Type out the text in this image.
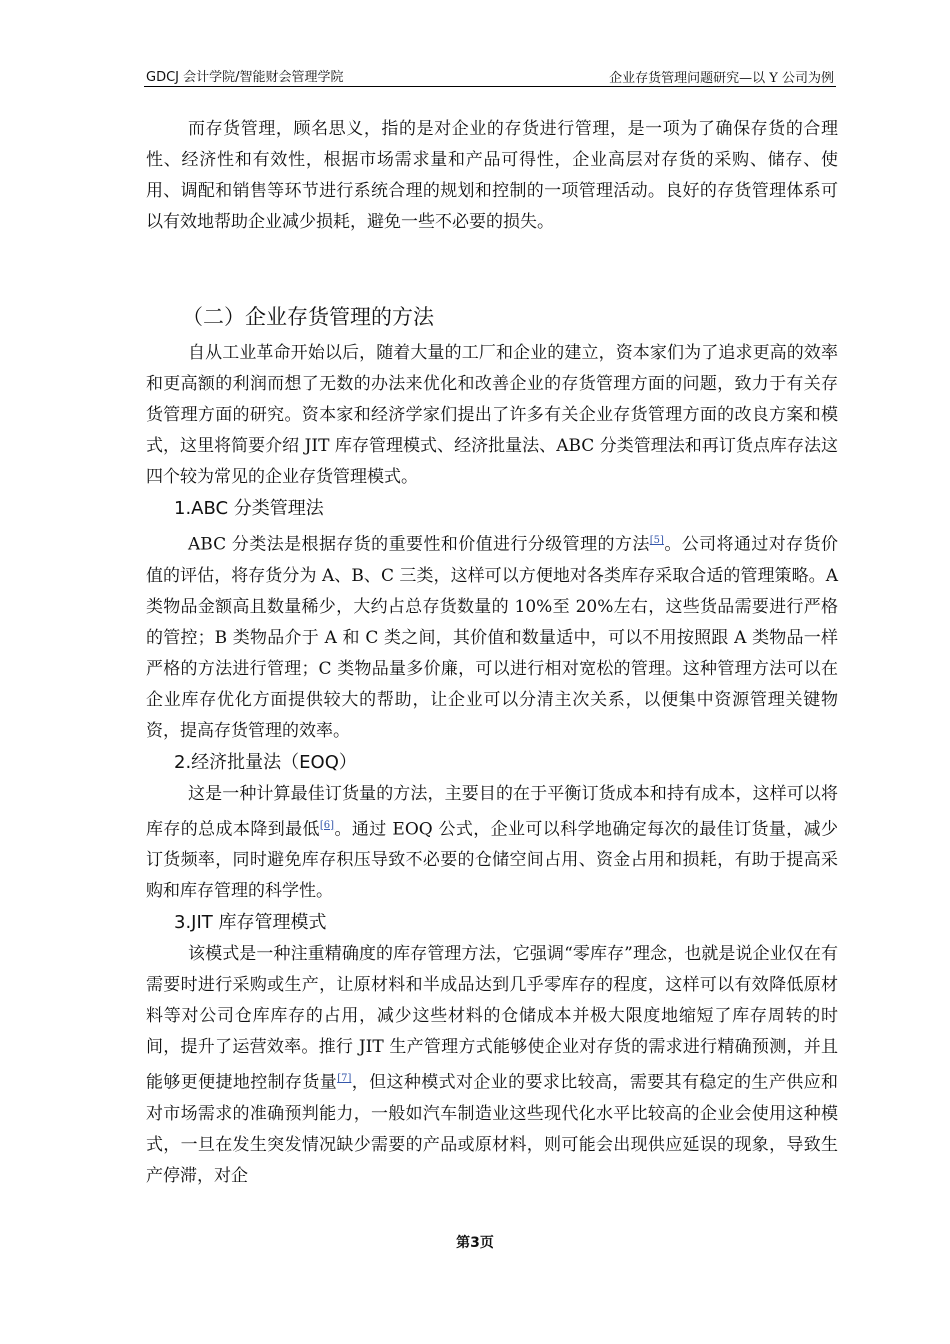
GDCJ 会计学院/智能财会管理学院	企业存货管理问题研究—以 Y 公司为例

而存货管理，顾名思义，指的是对企业的存货进行管理，是一项为了确保存货的合理性、经济性和有效性，根据市场需求量和产品可得性，企业高层对存货的采购、储存、使用、调配和销售等环节进行系统合理的规划和控制的一项管理活动。良好的存货管理体系可以有效地帮助企业减少损耗，避免一些不必要的损失。

（二）企业存货管理的方法

自从工业革命开始以后，随着大量的工厂和企业的建立，资本家们为了追求更高的效率和更高额的利润而想了无数的办法来优化和改善企业的存货管理方面的问题，致力于有关存货管理方面的研究。资本家和经济学家们提出了许多有关企业存货管理方面的改良方案和模式，这里将简要介绍 JIT 库存管理模式、经济批量法、ABC 分类管理法和再订货点库存法这四个较为常见的企业存货管理模式。

1.ABC 分类管理法

ABC 分类法是根据存货的重要性和价值进行分级管理的方法[5]。公司将通过对存货价值的评估，将存货分为 A、B、C 三类，这样可以方便地对各类库存采取合适的管理策略。A 类物品金额高且数量稀少，大约占总存货数量的 10%至 20%左右，这些货品需要进行严格的管控；B 类物品介于 A 和 C 类之间，其价值和数量适中，可以不用按照跟 A 类物品一样严格的方法进行管理；C 类物品量多价廉，可以进行相对宽松的管理。这种管理方法可以在企业库存优化方面提供较大的帮助，让企业可以分清主次关系，以便集中资源管理关键物资，提高存货管理的效率。

2.经济批量法（EOQ）

这是一种计算最佳订货量的方法，主要目的在于平衡订货成本和持有成本，这样可以将库存的总成本降到最低[6]。通过 EOQ 公式，企业可以科学地确定每次的最佳订货量，减少订货频率，同时避免库存积压导致不必要的仓储空间占用、资金占用和损耗，有助于提高采购和库存管理的科学性。

3.JIT 库存管理模式

该模式是一种注重精确度的库存管理方法，它强调“零库存”理念，也就是说企业仅在有需要时进行采购或生产，让原材料和半成品达到几乎零库存的程度，这样可以有效降低原材料等对公司仓库库存的占用，减少这些材料的仓储成本并极大限度地缩短了库存周转的时间，提升了运营效率。推行 JIT 生产管理方式能够使企业对存货的需求进行精确预测，并且能够更便捷地控制存货量[7]，但这种模式对企业的要求比较高，需要其有稳定的生产供应和对市场需求的准确预判能力，一般如汽车制造业这些现代化水平比较高的企业会使用这种模式，一旦在发生突发情况缺少需要的产品或原材料，则可能会出现供应延误的现象，导致生产停滞，对企

第3页
